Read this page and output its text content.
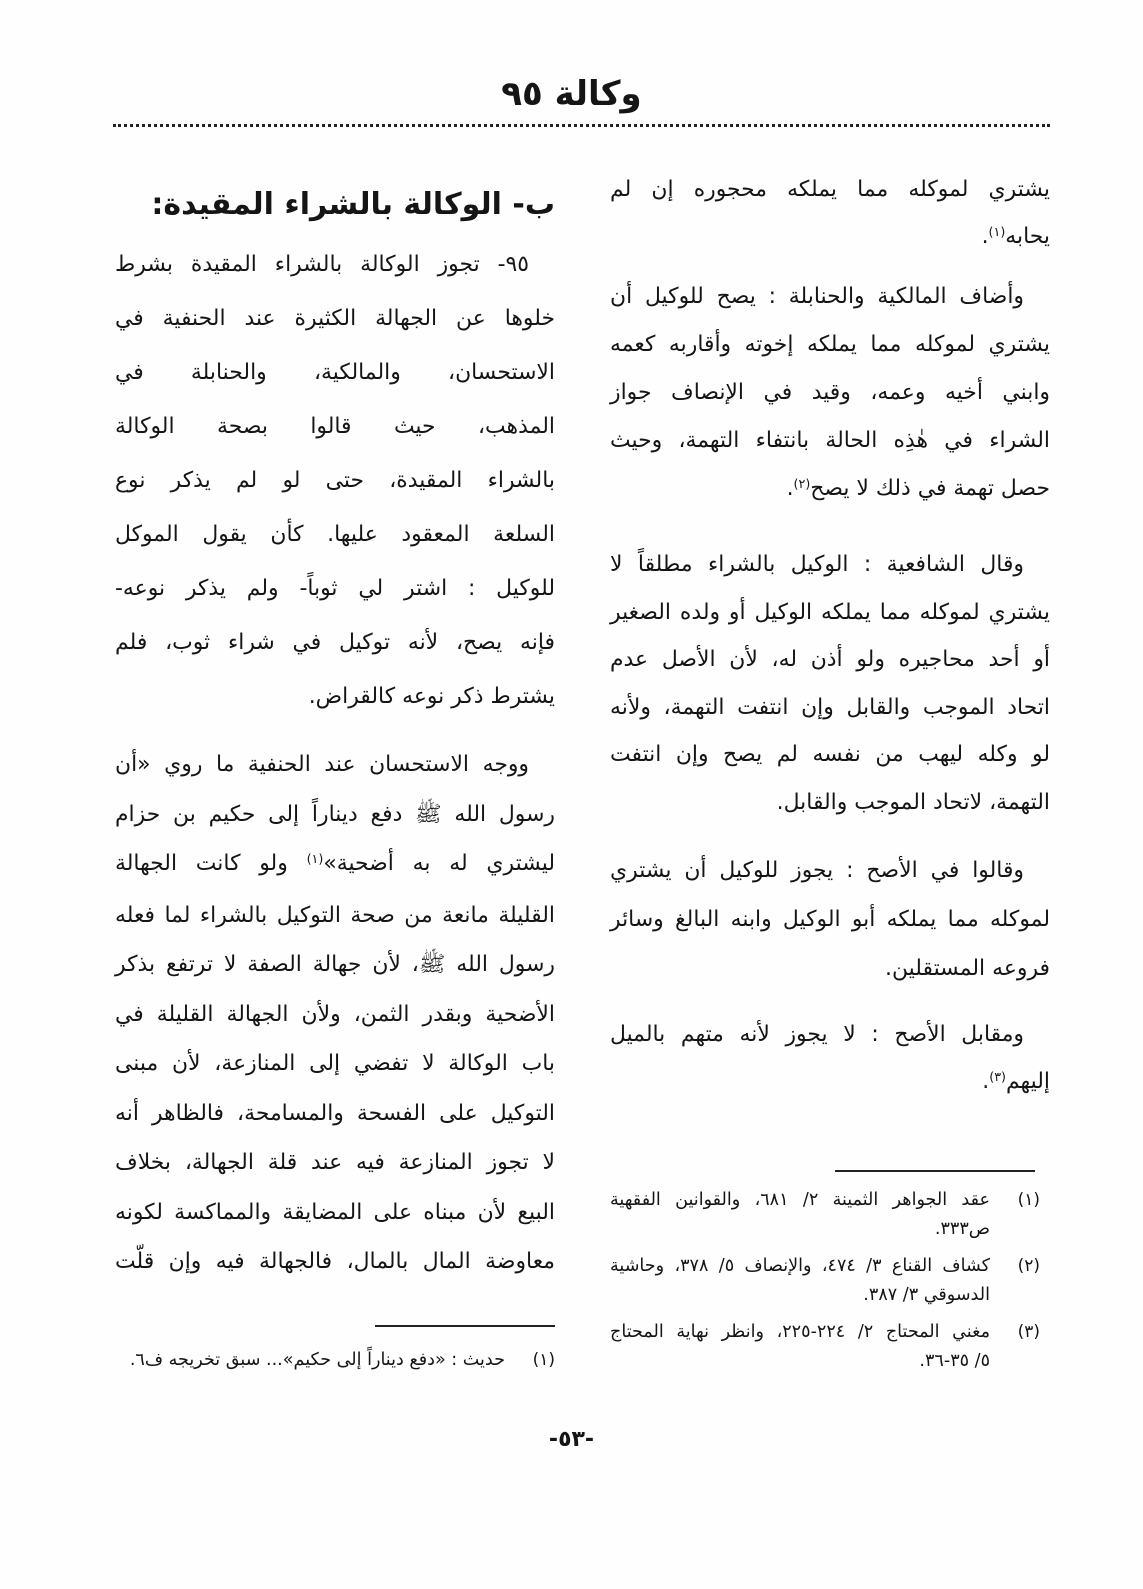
وكالة ٩٥
يشتري لموكله مما يملكه محجوره إن لم
يحابه$^{(١)}$.
وأضاف المالكية والحنابلة : يصح للوكيل أن
يشتري لموكله مما يملكه إخوته وأقاربه كعمه
وابني أخيه وعمه، وقيد في الإنصاف جواز
الشراء في هٰذِه الحالة بانتفاء التهمة، وحيث
حصل تهمة في ذلك لا يصح$^{(٢)}$.
وقال الشافعية : الوكيل بالشراء مطلقاً لا
يشتري لموكله مما يملكه الوكيل أو ولده الصغير
أو أحد محاجيره ولو أذن له، لأن الأصل عدم
اتحاد الموجب والقابل وإن انتفت التهمة، ولأنه
لو وكله ليهب من نفسه لم يصح وإن انتفت
التهمة، لاتحاد الموجب والقابل.
وقالوا في الأصح : يجوز للوكيل أن يشتري
لموكله مما يملكه أبو الوكيل وابنه البالغ وسائر
فروعه المستقلين.
ومقابل الأصح : لا يجوز لأنه متهم بالميل
إليهم$^{(٣)}$.
(١)
عقد الجواهر الثمينة ٢/ ٦٨١، والقوانين الفقهية
ص٣٣٣.
(٢)
كشاف القناع ٣/ ٤٧٤، والإنصاف ٥/ ٣٧٨، وحاشية
الدسوقي ٣/ ٣٨٧.
(٣)
مغني المحتاج ٢/ ٢٢٤-٢٢٥، وانظر نهاية المحتاج
٥/ ٣٥-٣٦.
ب- الوكالة بالشراء المقيدة:
٩٥- تجوز الوكالة بالشراء المقيدة بشرط
خلوها عن الجهالة الكثيرة عند الحنفية في
الاستحسان، والمالكية، والحنابلة في
المذهب، حيث قالوا بصحة الوكالة
بالشراء المقيدة، حتى لو لم يذكر نوع
السلعة المعقود عليها. كأن يقول الموكل
للوكيل : اشتر لي ثوباً- ولم يذكر نوعه-
فإنه يصح، لأنه توكيل في شراء ثوب، فلم
يشترط ذكر نوعه كالقراض.
ووجه الاستحسان عند الحنفية ما روي «أن
رسول الله ﷺ دفع ديناراً إلى حكيم بن حزام
ليشتري له به أضحية»$^{(١)}$ ولو كانت الجهالة
القليلة مانعة من صحة التوكيل بالشراء لما فعله
رسول الله ﷺ، لأن جهالة الصفة لا ترتفع بذكر
الأضحية وبقدر الثمن، ولأن الجهالة القليلة في
باب الوكالة لا تفضي إلى المنازعة، لأن مبنى
التوكيل على الفسحة والمسامحة، فالظاهر أنه
لا تجوز المنازعة فيه عند قلة الجهالة، بخلاف
البيع لأن مبناه على المضايقة والمماكسة لكونه
معاوضة المال بالمال، فالجهالة فيه وإن قلّت
(١)
حديث : «دفع ديناراً إلى حكيم»... سبق تخريجه ف٦.
-٥٣-
